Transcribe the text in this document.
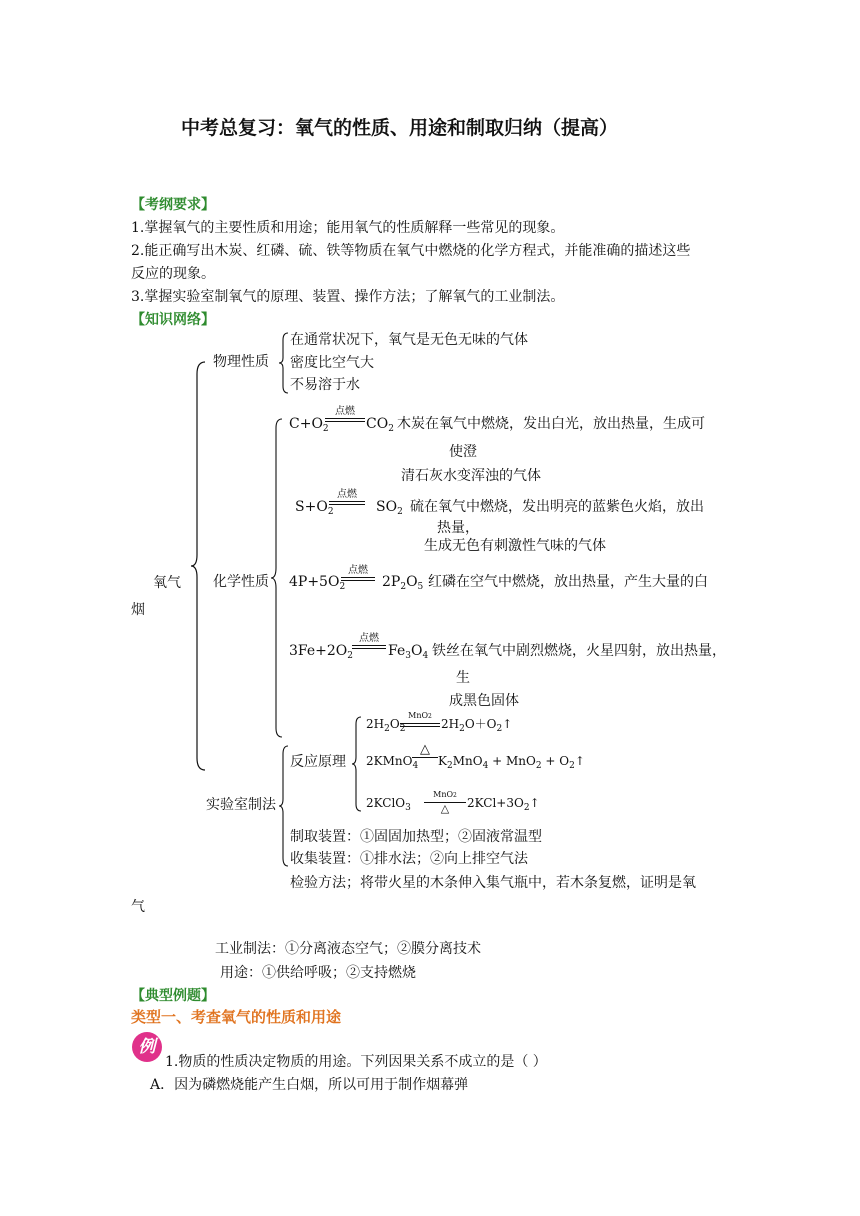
中考总复习：氧气的性质、用途和制取归纳（提高）
【考纲要求】
1.掌握氧气的主要性质和用途；能用氧气的性质解释一些常见的现象。
2.能正确写出木炭、红磷、硫、铁等物质在氧气中燃烧的化学方程式，并能准确的描述这些
反应的现象。
3.掌握实验室制氧气的原理、装置、操作方法；了解氧气的工业制法。
【知识网络】
氧气
烟
物理性质
在通常状况下，氧气是无色无味的气体
密度比空气大
不易溶于水
化学性质
$C+O_2$
点燃
$CO_2$ 木炭在氧气中燃烧，发出白光，放出热量，生成可
使澄
清石灰水变浑浊的气体
$S+O_2$
点燃
$SO_2$ 硫在氧气中燃烧，发出明亮的蓝紫色火焰，放出
热量，
生成无色有刺激性气味的气体
$4P+5O_2$
点燃
$2P_2O_5$ 红磷在空气中燃烧，放出热量，产生大量的白
$3Fe+2O_2$
点燃
$Fe_3O_4$ 铁丝在氧气中剧烈燃烧，火星四射，放出热量，
生
成黑色固体
实验室制法
反应原理
$2H_2O_2$
MnO2
$2H_2O+O_2↑$
2KMnO$_4$
△
$K_2MnO_4 + MnO_2$ + $O_2↑$
2KClO$_3$
MnO2
△	$2KCl+3O_2↑$
制取装置：①固固加热型；②固液常温型
收集装置：①排水法；②向上排空气法
检验方法；将带火星的木条伸入集气瓶中，若木条复燃，证明是氧
气
工业制法：①分离液态空气；②膜分离技术
用途：①供给呼吸；②支持燃烧
【典型例题】
类型一、考查氧气的性质和用途
例
1.物质的性质决定物质的用途。下列因果关系不成立的是（ ）
A．因为磷燃烧能产生白烟，所以可用于制作烟幕弹
